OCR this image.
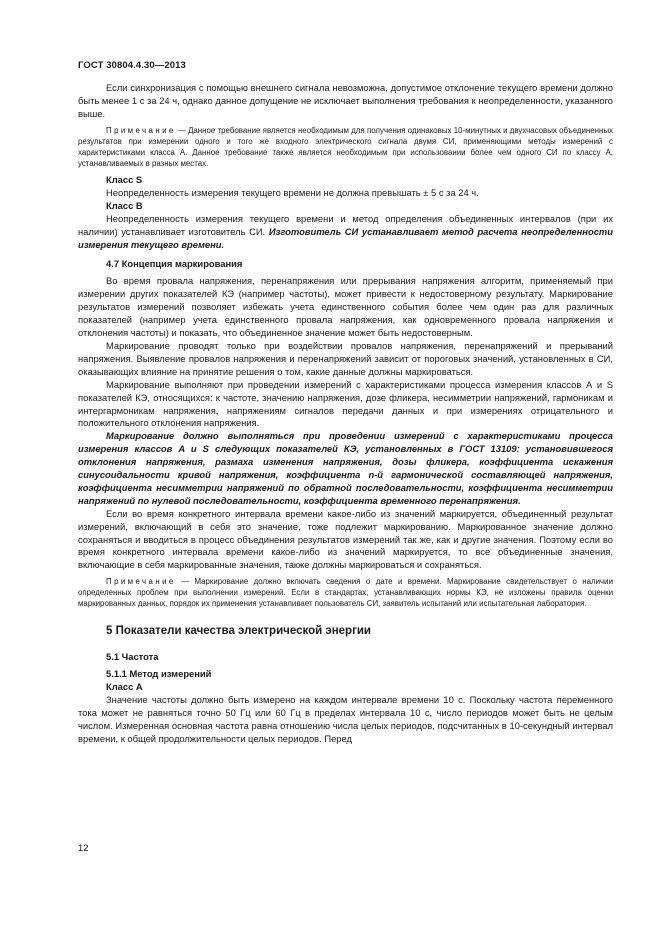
ГОСТ 30804.4.30—2013

Если синхронизация с помощью внешнего сигнала невозможна, допустимое отклонение текущего времени должно быть менее 1 с за 24 ч, однако данное допущение не исключает выполнения требования к неопределенности, указанного выше.

Примечание — Данное требование является необходимым для получения одинаковых 10-минутных и двухчасовых объединенных результатов при измерении одного и того же входного электрического сигнала двумя СИ, применяющими методы измерений с характеристиками класса А. Данное требование также является необходимым при использовании более чем одного СИ по классу А, устанавливаемых в разных местах.

Класс S

Неопределенность измерения текущего времени не должна превышать ± 5 с за 24 ч.

Класс B

Неопределенность измерения текущего времени и метод определения объединенных интервалов (при их наличии) устанавливает изготовитель СИ. Изготовитель СИ устанавливает метод расчета неопределенности измерения текущего времени.

4.7 Концепция маркирования

Во время провала напряжения, перенапряжения или прерывания напряжения алгоритм, применяемый при измерении других показателей КЭ (например частоты), может привести к недостоверному результату. Маркирование результатов измерений позволяет избежать учета единственного события более чем один раз для различных показателей (например учета единственного провала напряжения, как одновременного провала напряжения и отклонения частоты) и показать, что объединенное значение может быть недостоверным.

Маркирование проводят только при воздействии провалов напряжения, перенапряжений и прерываний напряжения. Выявление провалов напряжения и перенапряжений зависит от пороговых значений, установленных в СИ, оказывающих влияние на принятие решения о том, какие данные должны маркироваться.

Маркирование выполняют при проведении измерений с характеристиками процесса измерения классов А и S показателей КЭ, относящихся: к частоте, значению напряжения, дозе фликера, несимметрии напряжений, гармоникам и интергармоникам напряжения, напряжениям сигналов передачи данных и при измерениях отрицательного и положительного отклонения напряжения.

Маркирование должно выполняться при проведении измерений с характеристиками процесса измерения классов A и S следующих показателей КЭ, установленных в ГОСТ 13109: установившегося отклонения напряжения, размаха изменения напряжения, дозы фликера, коэффициента искажения синусоидальности кривой напряжения, коэффициента n-й гармонической составляющей напряжения, коэффициента несимметрии напряжений по обратной последовательности, коэффициента несимметрии напряжений по нулевой последовательности, коэффициента временного перенапряжения.

Если во время конкретного интервала времени какое-либо из значений маркируется, объединенный результат измерений, включающий в себя это значение, тоже подлежит маркированию. Маркированное значение должно сохраняться и вводиться в процесс объединения результатов измерений так же, как и другие значения. Поэтому если во время конкретного интервала времени какое-либо из значений маркируется, то все объединенные значения, включающие в себя маркированные значения, также должны маркироваться и сохраняться.

Примечание — Маркирование должно включать сведения о дате и времени. Маркирование свидетельствует о наличии определенных проблем при выполнении измерений. Если в стандартах, устанавливающих нормы КЭ, не изложены правила оценки маркированных данных, порядок их применения устанавливает пользователь СИ, заявитель испытаний или испытательная лаборатория.

5 Показатели качества электрической энергии
5.1 Частота
5.1.1 Метод измерений
Класс А

Значение частоты должно быть измерено на каждом интервале времени 10 с. Поскольку частота переменного тока может не равняться точно 50 Гц или 60 Гц в пределах интервала 10 с, число периодов может быть не целым числом. Измеренная основная частота равна отношению числа целых периодов, подсчитанных в 10-секундный интервал времени, к общей продолжительности целых периодов. Перед

12
